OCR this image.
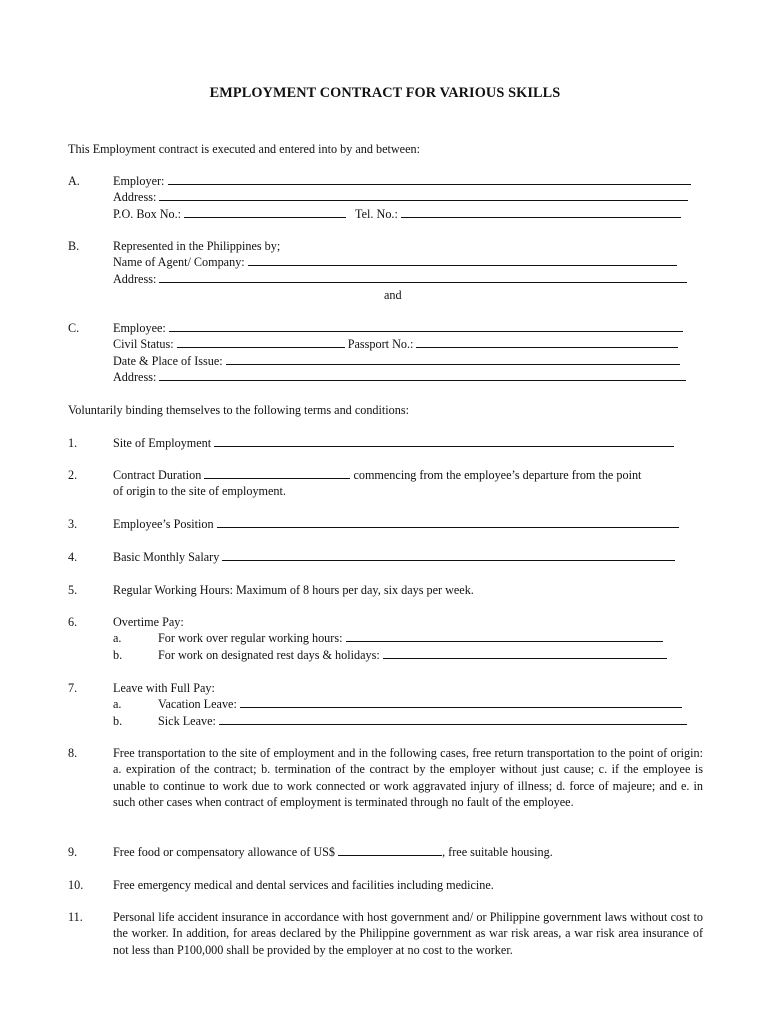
EMPLOYMENT CONTRACT FOR VARIOUS SKILLS
This Employment contract is executed and entered into by and between:
A.	Employer:
Address:
P.O. Box No.:	Tel. No.:
B.	Represented in the Philippines by;
Name of Agent/ Company:
Address:
and
C.	Employee:
Civil Status:	Passport No.:
Date & Place of Issue:
Address:
Voluntarily binding themselves to the following terms and conditions:
1.	Site of Employment
2.	Contract Duration	commencing from the employee’s departure from the point
of origin to the site of employment.
3.	Employee’s Position
4.	Basic Monthly Salary
5.	Regular Working Hours: Maximum of 8 hours per day, six days per week.
6.	Overtime Pay:
a.	For work over regular working hours:

b.	For work on designated rest days & holidays:

7.	Leave with Full Pay:
a.	Vacation Leave:

b.	Sick Leave:

8.	Free transportation to the site of employment and in the following cases, free return transportation to the point of origin: a. expiration of the contract; b. termination of the contract by the employer without just cause; c. if the employee is unable to continue to work due to work connected or work aggravated injury of illness; d. force of majeure; and e. in such other cases when contract of employment is terminated through no fault of the employee.
9.	Free food or compensatory allowance of US$	, free suitable housing.
10. Free emergency medical and dental services and facilities including medicine.
11. Personal life accident insurance in accordance with host government and/ or Philippine government laws without cost to the worker. In addition, for areas declared by the Philippine government as war risk areas, a war risk area insurance of not less than P100,000 shall be provided by the employer at no cost to the worker.
